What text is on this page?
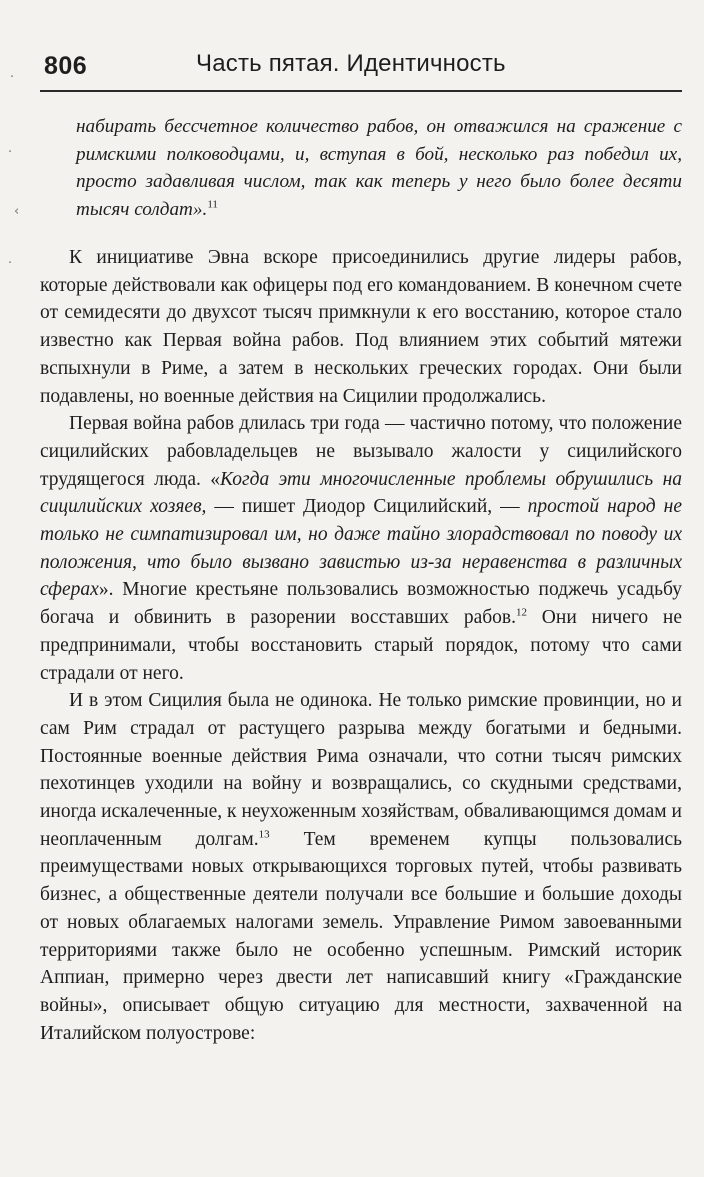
806	Часть пятая. Идентичность
·
·
‹
·
набирать бессчетное количество рабов, он отважился на сражение с римскими полководцами, и, вступая в бой, несколько раз победил их, просто задавливая числом, так как теперь у него было более десяти тысяч солдат».$^{11}$

К инициативе Эвна вскоре присоединились другие лидеры рабов, которые действовали как офицеры под его командованием. В конечном счете от семидесяти до двухсот тысяч примкнули к его восстанию, которое стало известно как Первая война рабов. Под влиянием этих событий мятежи вспыхнули в Риме, а затем в нескольких греческих городах. Они были подавлены, но военные действия на Сицилии продолжались.

Первая война рабов длилась три года — частично потому, что положение сицилийских рабовладельцев не вызывало жалости у сицилийского трудящегося люда. «Когда эти многочисленные проблемы обрушились на сицилийских хозяев, — пишет Диодор Сицилийский, — простой народ не только не симпатизировал им, но даже тайно злорадствовал по поводу их положения, что было вызвано завистью из-за неравенства в различных сферах». Многие крестьяне пользовались возможностью поджечь усадьбу богача и обвинить в разорении восставших рабов.$^{12}$ Они ничего не предпринимали, чтобы восстановить старый порядок, потому что сами страдали от него.

И в этом Сицилия была не одинока. Не только римские провинции, но и сам Рим страдал от растущего разрыва между богатыми и бедными. Постоянные военные действия Рима означали, что сотни тысяч римских пехотинцев уходили на войну и возвращались, со скудными средствами, иногда искалеченные, к неухоженным хозяйствам, обваливающимся домам и неоплаченным долгам.$^{13}$ Тем временем купцы пользовались преимуществами новых открывающихся торговых путей, чтобы развивать бизнес, а общественные деятели получали все большие и большие доходы от новых облагаемых налогами земель. Управление Римом завоеванными территориями также было не особенно успешным. Римский историк Аппиан, примерно через двести лет написавший книгу «Гражданские войны», описывает общую ситуацию для местности, захваченной на Италийском полуострове:
